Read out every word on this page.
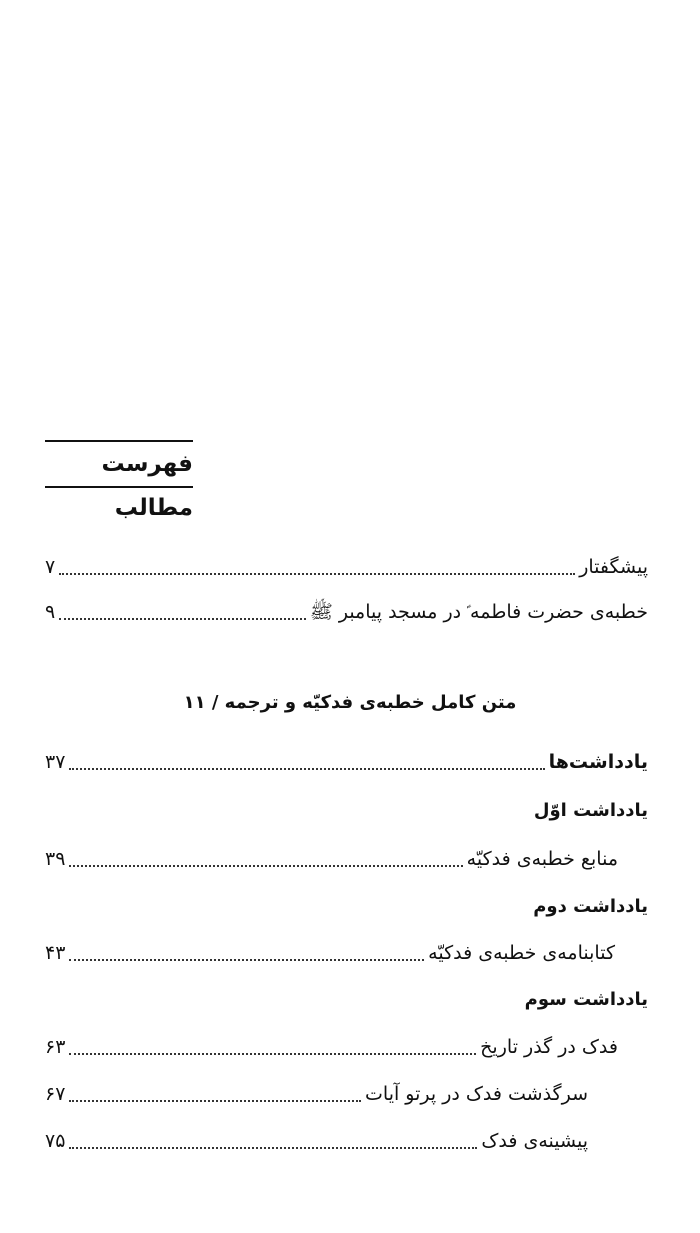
فهرست مطالب
پیشگفتار
۷
خطبه‌ی حضرت فاطمه ؑ در مسجد پیامبر ﷺ
۹
متن کامل خطبه‌ی فدکیّه و ترجمه / ۱۱
یادداشت‌ها
۳۷
یادداشت اوّل
منابع خطبه‌ی فدکیّه
۳۹
یادداشت دوم
کتابنامه‌ی خطبه‌ی فدکیّه
۴۳
یادداشت سوم
فدک در گذر تاریخ
۶۳
سرگذشت فدک در پرتو آیات
۶۷
پیشینه‌ی فدک
۷۵
